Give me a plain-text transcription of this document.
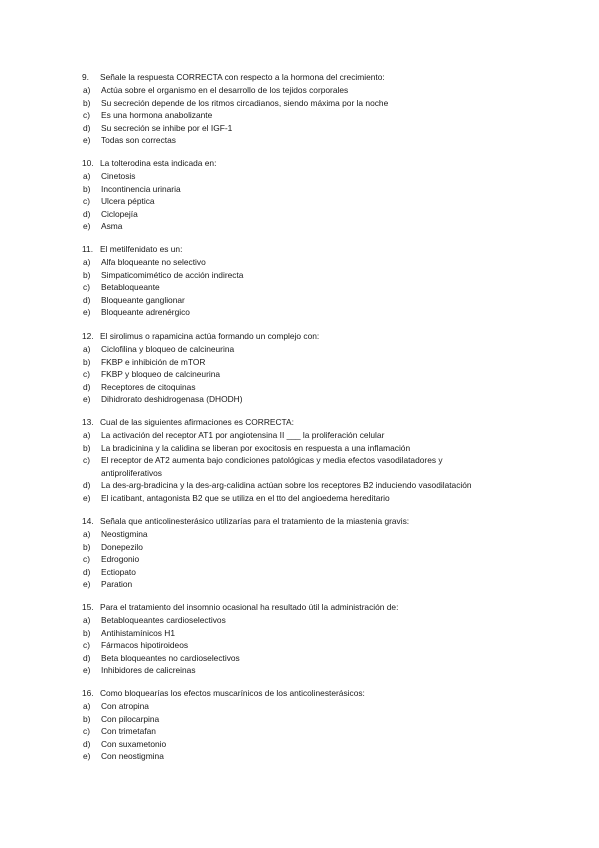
9.	Señale la respuesta CORRECTA con respecto a la hormona del crecimiento:
a)	Actúa sobre el organismo en el desarrollo de los tejidos corporales
b)	Su secreción depende de los ritmos circadianos, siendo máxima por la noche
c)	Es una hormona anabolizante
d)	Su secreción se inhibe por el IGF-1
e)	Todas son correctas
10. La tolterodina esta indicada en:
a)	Cinetosis
b)	Incontinencia urinaria
c)	Ulcera péptica
d)	Ciclopejía
e)	Asma
11. El metilfenidato es un:
a)	Alfa bloqueante no selectivo
b)	Simpaticomimético de acción indirecta
c)	Betabloqueante
d)	Bloqueante ganglionar
e)	Bloqueante adrenérgico
12. El sirolimus o rapamicina actúa formando un complejo con:
a)	Ciclofilina y bloqueo de calcineurina
b)	FKBP e inhibición de mTOR
c)	FKBP y bloqueo de calcineurina
d)	Receptores de citoquinas
e)	Dihidrorato deshidrogenasa (DHODH)
13. Cual de las siguientes afirmaciones es CORRECTA:
a)	La activación del receptor AT1 por angiotensina II ___ la proliferación celular
b)	La bradicinina y la calidina se liberan por exocitosis en respuesta a una inflamación
c)	El receptor de AT2 aumenta bajo condiciones patológicas y media efectos vasodilatadores y antiproliferativos
d)	La des-arg-bradicina y la des-arg-calidina actúan sobre los receptores B2 induciendo vasodilatación
e)	El icatibant, antagonista B2 que se utiliza en el tto del angioedema hereditario
14. Señala que anticolinesterásico utilizarías para el tratamiento de la miastenia gravis:
a)	Neostigmina
b)	Donepezilo
c)	Edrogonio
d)	Ectiopato
e)	Paration
15. Para el tratamiento del insomnio ocasional ha resultado útil la administración de:
a)	Betabloqueantes cardioselectivos
b)	Antihistamínicos H1
c)	Fármacos hipotiroideos
d)	Beta bloqueantes no cardioselectivos
e)	Inhibidores de calicreinas
16. Como bloquearías los efectos muscarínicos de los anticolinesterásicos:
a)	Con atropina
b)	Con pilocarpina
c)	Con trimetafan
d)	Con suxametonio
e)	Con neostigmina
